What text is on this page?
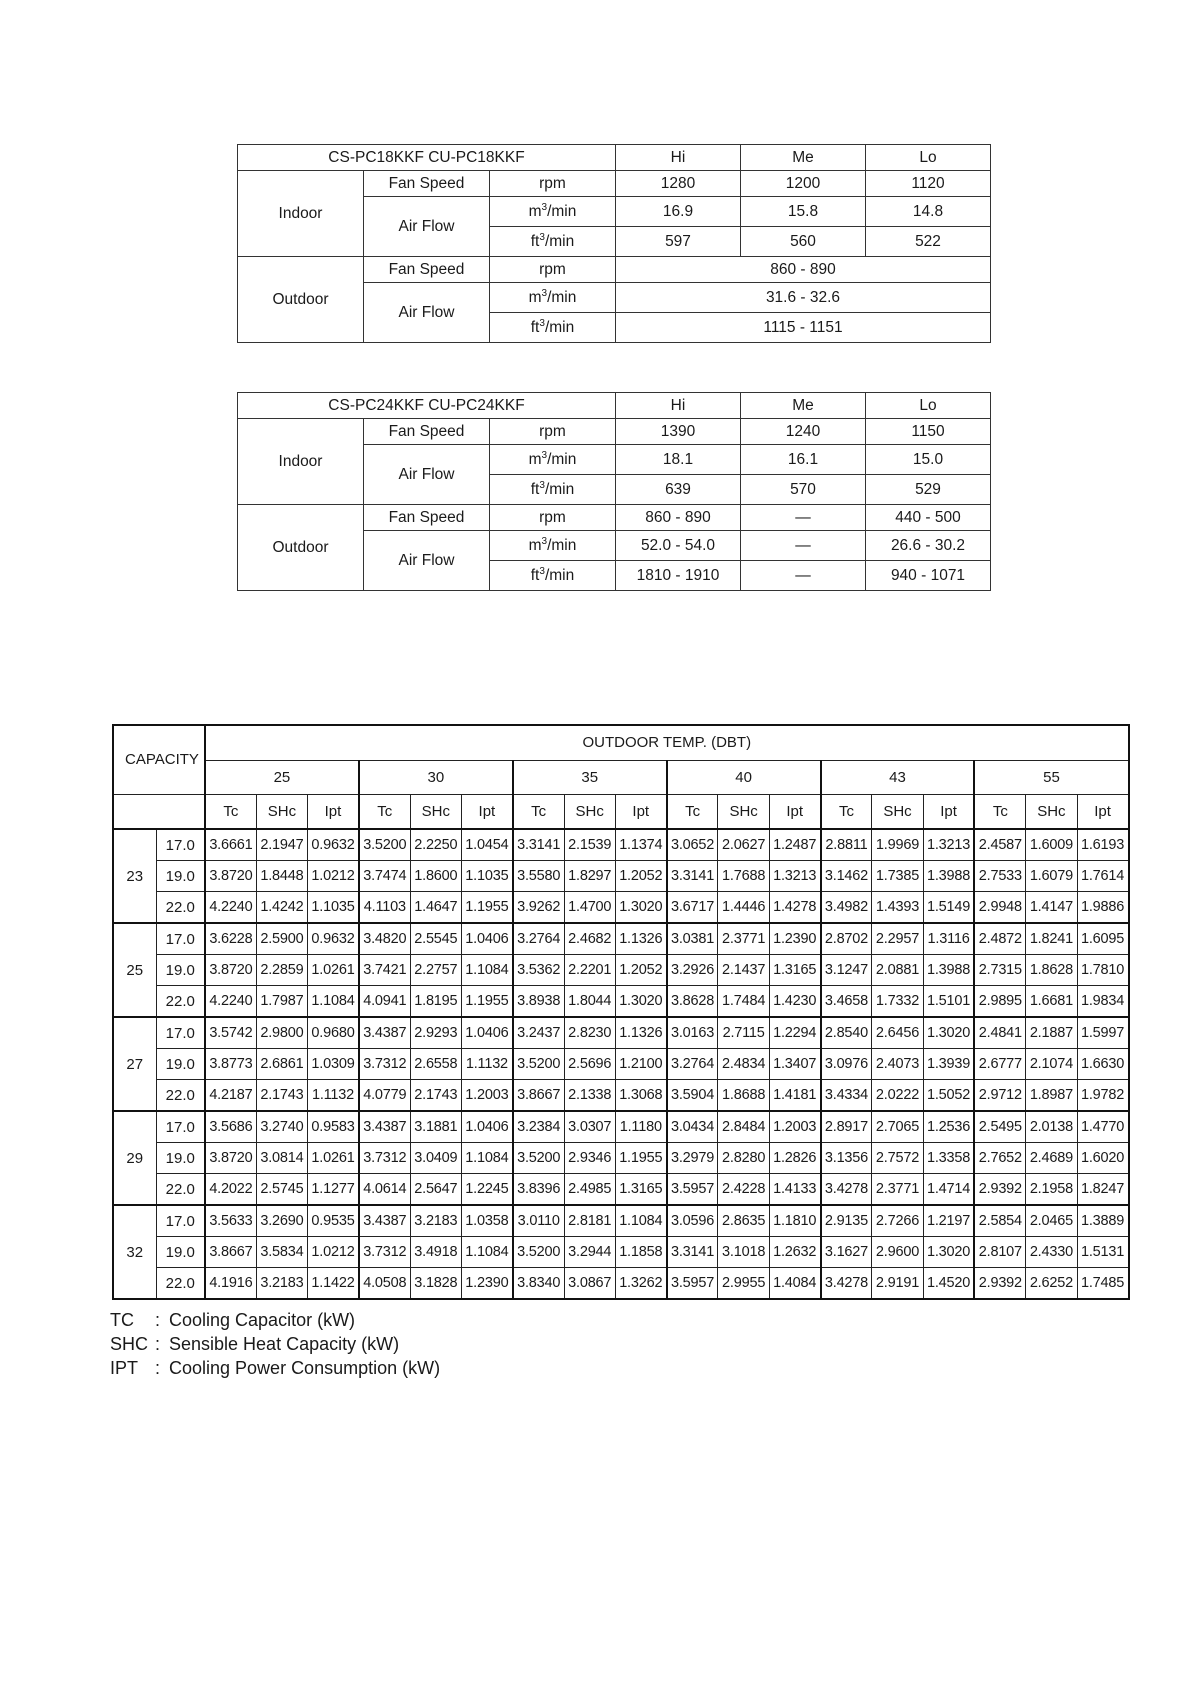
CS-PC18KKF CU-PC18KKF			Hi	Me	Lo
Indoor	Fan Speed	rpm	1280	1200	1120
	Air Flow	$m^3/\min$	16.9	15.8	14.8
		$ft^3/\min$	597	560	522
Outdoor	Fan Speed	rpm	860 - 890		
	Air Flow	$m^3/\min$	31.6 - 32.6		
		$ft^3/\min$	1115 - 1151		
CS-PC24KKF CU-PC24KKF			Hi	Me	Lo
Indoor	Fan Speed	rpm	1390	1240	1150
	Air Flow	$m^3/\min$	18.1	16.1	15.0
		$ft^3/\min$	639	570	529
Outdoor	Fan Speed	rpm	860 - 890	—	440 - 500
	Air Flow	$m^3/\min$	52.0 - 54.0	—	26.6 - 30.2
		$ft^3/\min$	1810 - 1910	—	940 - 1071
CAPACITY		OUTDOOR TEMP. (DBT)																	
		25			30			35			40			43			55		
		Tc	SHc	Ipt	Tc	SHc	Ipt	Tc	SHc	Ipt	Tc	SHc	Ipt	Tc	SHc	Ipt	Tc	SHc	Ipt
23	17.0	3.6661	2.1947	0.9632	3.5200	2.2250	1.0454	3.3141	2.1539	1.1374	3.0652	2.0627	1.2487	2.8811	1.9969	1.3213	2.4587	1.6009	1.6193
	19.0	3.8720	1.8448	1.0212	3.7474	1.8600	1.1035	3.5580	1.8297	1.2052	3.3141	1.7688	1.3213	3.1462	1.7385	1.3988	2.7533	1.6079	1.7614
	22.0	4.2240	1.4242	1.1035	4.1103	1.4647	1.1955	3.9262	1.4700	1.3020	3.6717	1.4446	1.4278	3.4982	1.4393	1.5149	2.9948	1.4147	1.9886
25	17.0	3.6228	2.5900	0.9632	3.4820	2.5545	1.0406	3.2764	2.4682	1.1326	3.0381	2.3771	1.2390	2.8702	2.2957	1.3116	2.4872	1.8241	1.6095
	19.0	3.8720	2.2859	1.0261	3.7421	2.2757	1.1084	3.5362	2.2201	1.2052	3.2926	2.1437	1.3165	3.1247	2.0881	1.3988	2.7315	1.8628	1.7810
	22.0	4.2240	1.7987	1.1084	4.0941	1.8195	1.1955	3.8938	1.8044	1.3020	3.8628	1.7484	1.4230	3.4658	1.7332	1.5101	2.9895	1.6681	1.9834
27	17.0	3.5742	2.9800	0.9680	3.4387	2.9293	1.0406	3.2437	2.8230	1.1326	3.0163	2.7115	1.2294	2.8540	2.6456	1.3020	2.4841	2.1887	1.5997
	19.0	3.8773	2.6861	1.0309	3.7312	2.6558	1.1132	3.5200	2.5696	1.2100	3.2764	2.4834	1.3407	3.0976	2.4073	1.3939	2.6777	2.1074	1.6630
	22.0	4.2187	2.1743	1.1132	4.0779	2.1743	1.2003	3.8667	2.1338	1.3068	3.5904	1.8688	1.4181	3.4334	2.0222	1.5052	2.9712	1.8987	1.9782
29	17.0	3.5686	3.2740	0.9583	3.4387	3.1881	1.0406	3.2384	3.0307	1.1180	3.0434	2.8484	1.2003	2.8917	2.7065	1.2536	2.5495	2.0138	1.4770
	19.0	3.8720	3.0814	1.0261	3.7312	3.0409	1.1084	3.5200	2.9346	1.1955	3.2979	2.8280	1.2826	3.1356	2.7572	1.3358	2.7652	2.4689	1.6020
	22.0	4.2022	2.5745	1.1277	4.0614	2.5647	1.2245	3.8396	2.4985	1.3165	3.5957	2.4228	1.4133	3.4278	2.3771	1.4714	2.9392	2.1958	1.8247
32	17.0	3.5633	3.2690	0.9535	3.4387	3.2183	1.0358	3.0110	2.8181	1.1084	3.0596	2.8635	1.1810	2.9135	2.7266	1.2197	2.5854	2.0465	1.3889
	19.0	3.8667	3.5834	1.0212	3.7312	3.4918	1.1084	3.5200	3.2944	1.1858	3.3141	3.1018	1.2632	3.1627	2.9600	1.3020	2.8107	2.4330	1.5131
	22.0	4.1916	3.2183	1.1422	4.0508	3.1828	1.2390	3.8340	3.0867	1.3262	3.5957	2.9955	1.4084	3.4278	2.9191	1.4520	2.9392	2.6252	1.7485
TC	: Cooling Capacitor (kW)
SHC : Sensible Heat Capacity (kW)
IPT : Cooling Power Consumption (kW)
